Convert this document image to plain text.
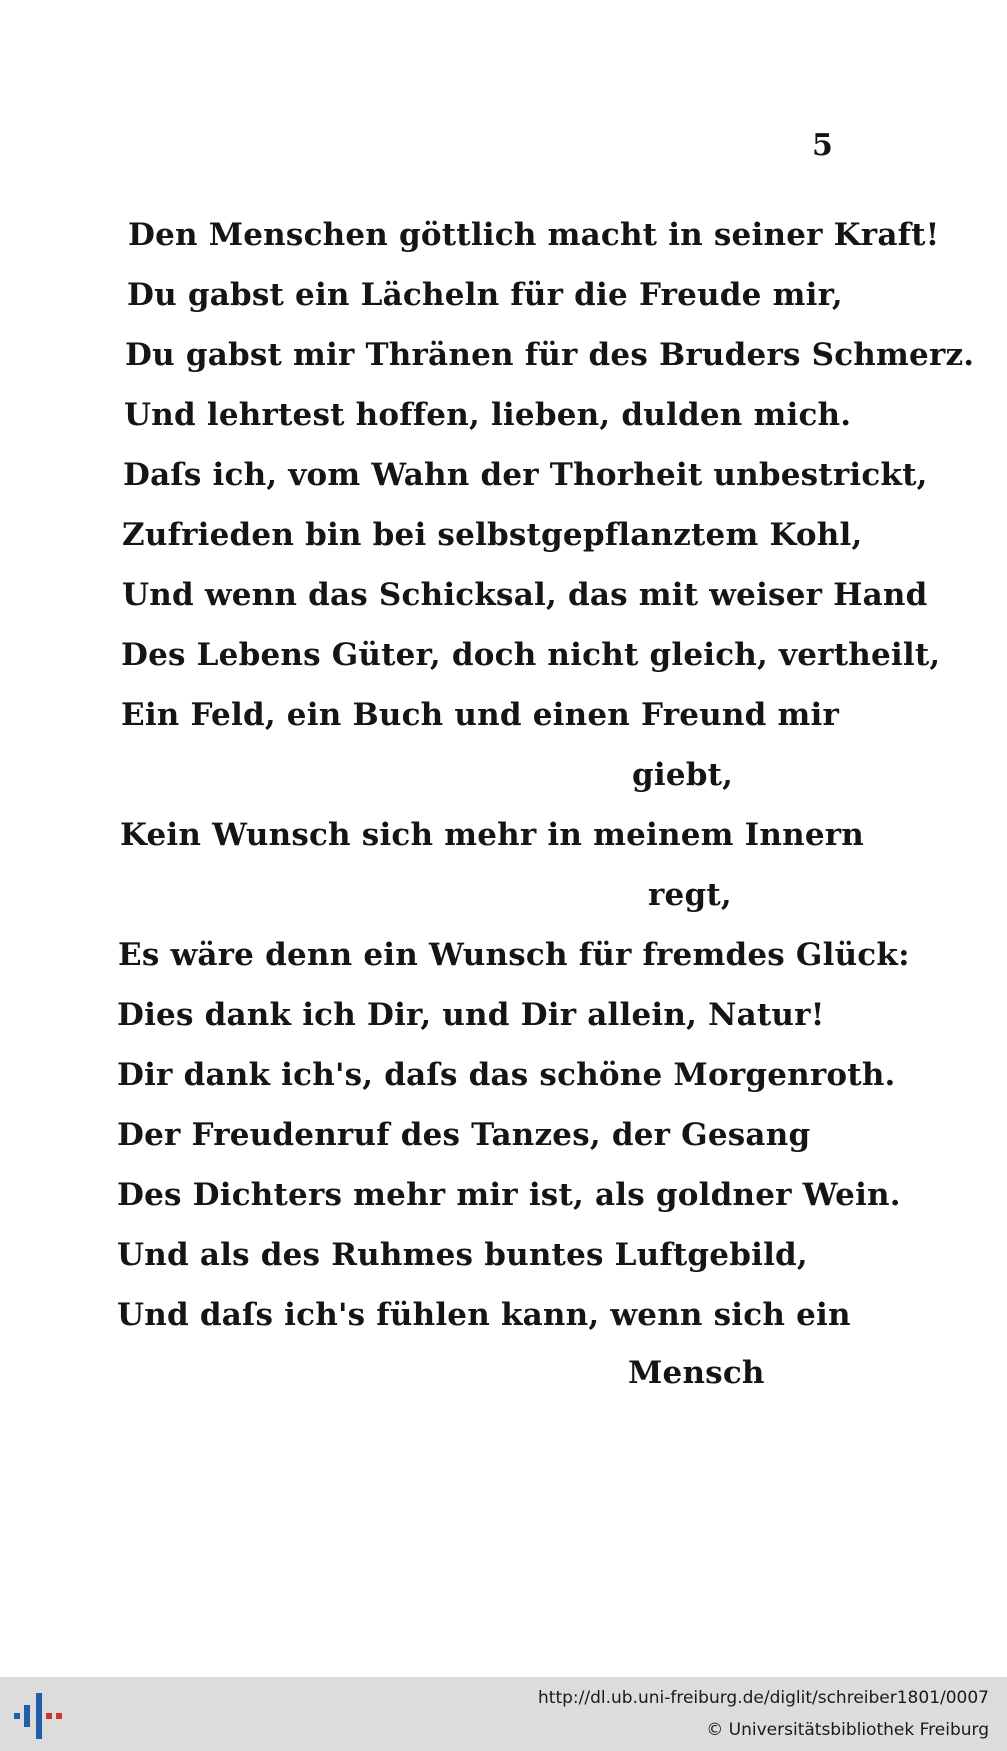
5
Den Menschen göttlich macht in seiner Kraft!
Du gabst ein Lächeln für die Freude mir,
Du gabst mir Thränen für des Bruders Schmerz.
Und lehrtest hoffen, lieben, dulden mich.
Daſs ich, vom Wahn der Thorheit unbestrickt,
Zufrieden bin bei selbstgepflanztem Kohl,
Und wenn das Schicksal, das mit weiser Hand
Des Lebens Güter, doch nicht gleich, vertheilt,
Ein Feld, ein Buch und einen Freund mir
giebt,
Kein Wunsch sich mehr in meinem Innern
regt,
Es wäre denn ein Wunsch für fremdes Glück:
Dies dank ich Dir, und Dir allein, Natur!
Dir dank ich's, daſs das schöne Morgenroth.
Der Freudenruf des Tanzes, der Gesang
Des Dichters mehr mir ist, als goldner Wein.
Und als des Ruhmes buntes Luftgebild,
Und daſs ich's fühlen kann, wenn sich ein
Mensch
http://dl.ub.uni-freiburg.de/diglit/schreiber1801/0007
© Universitätsbibliothek Freiburg
